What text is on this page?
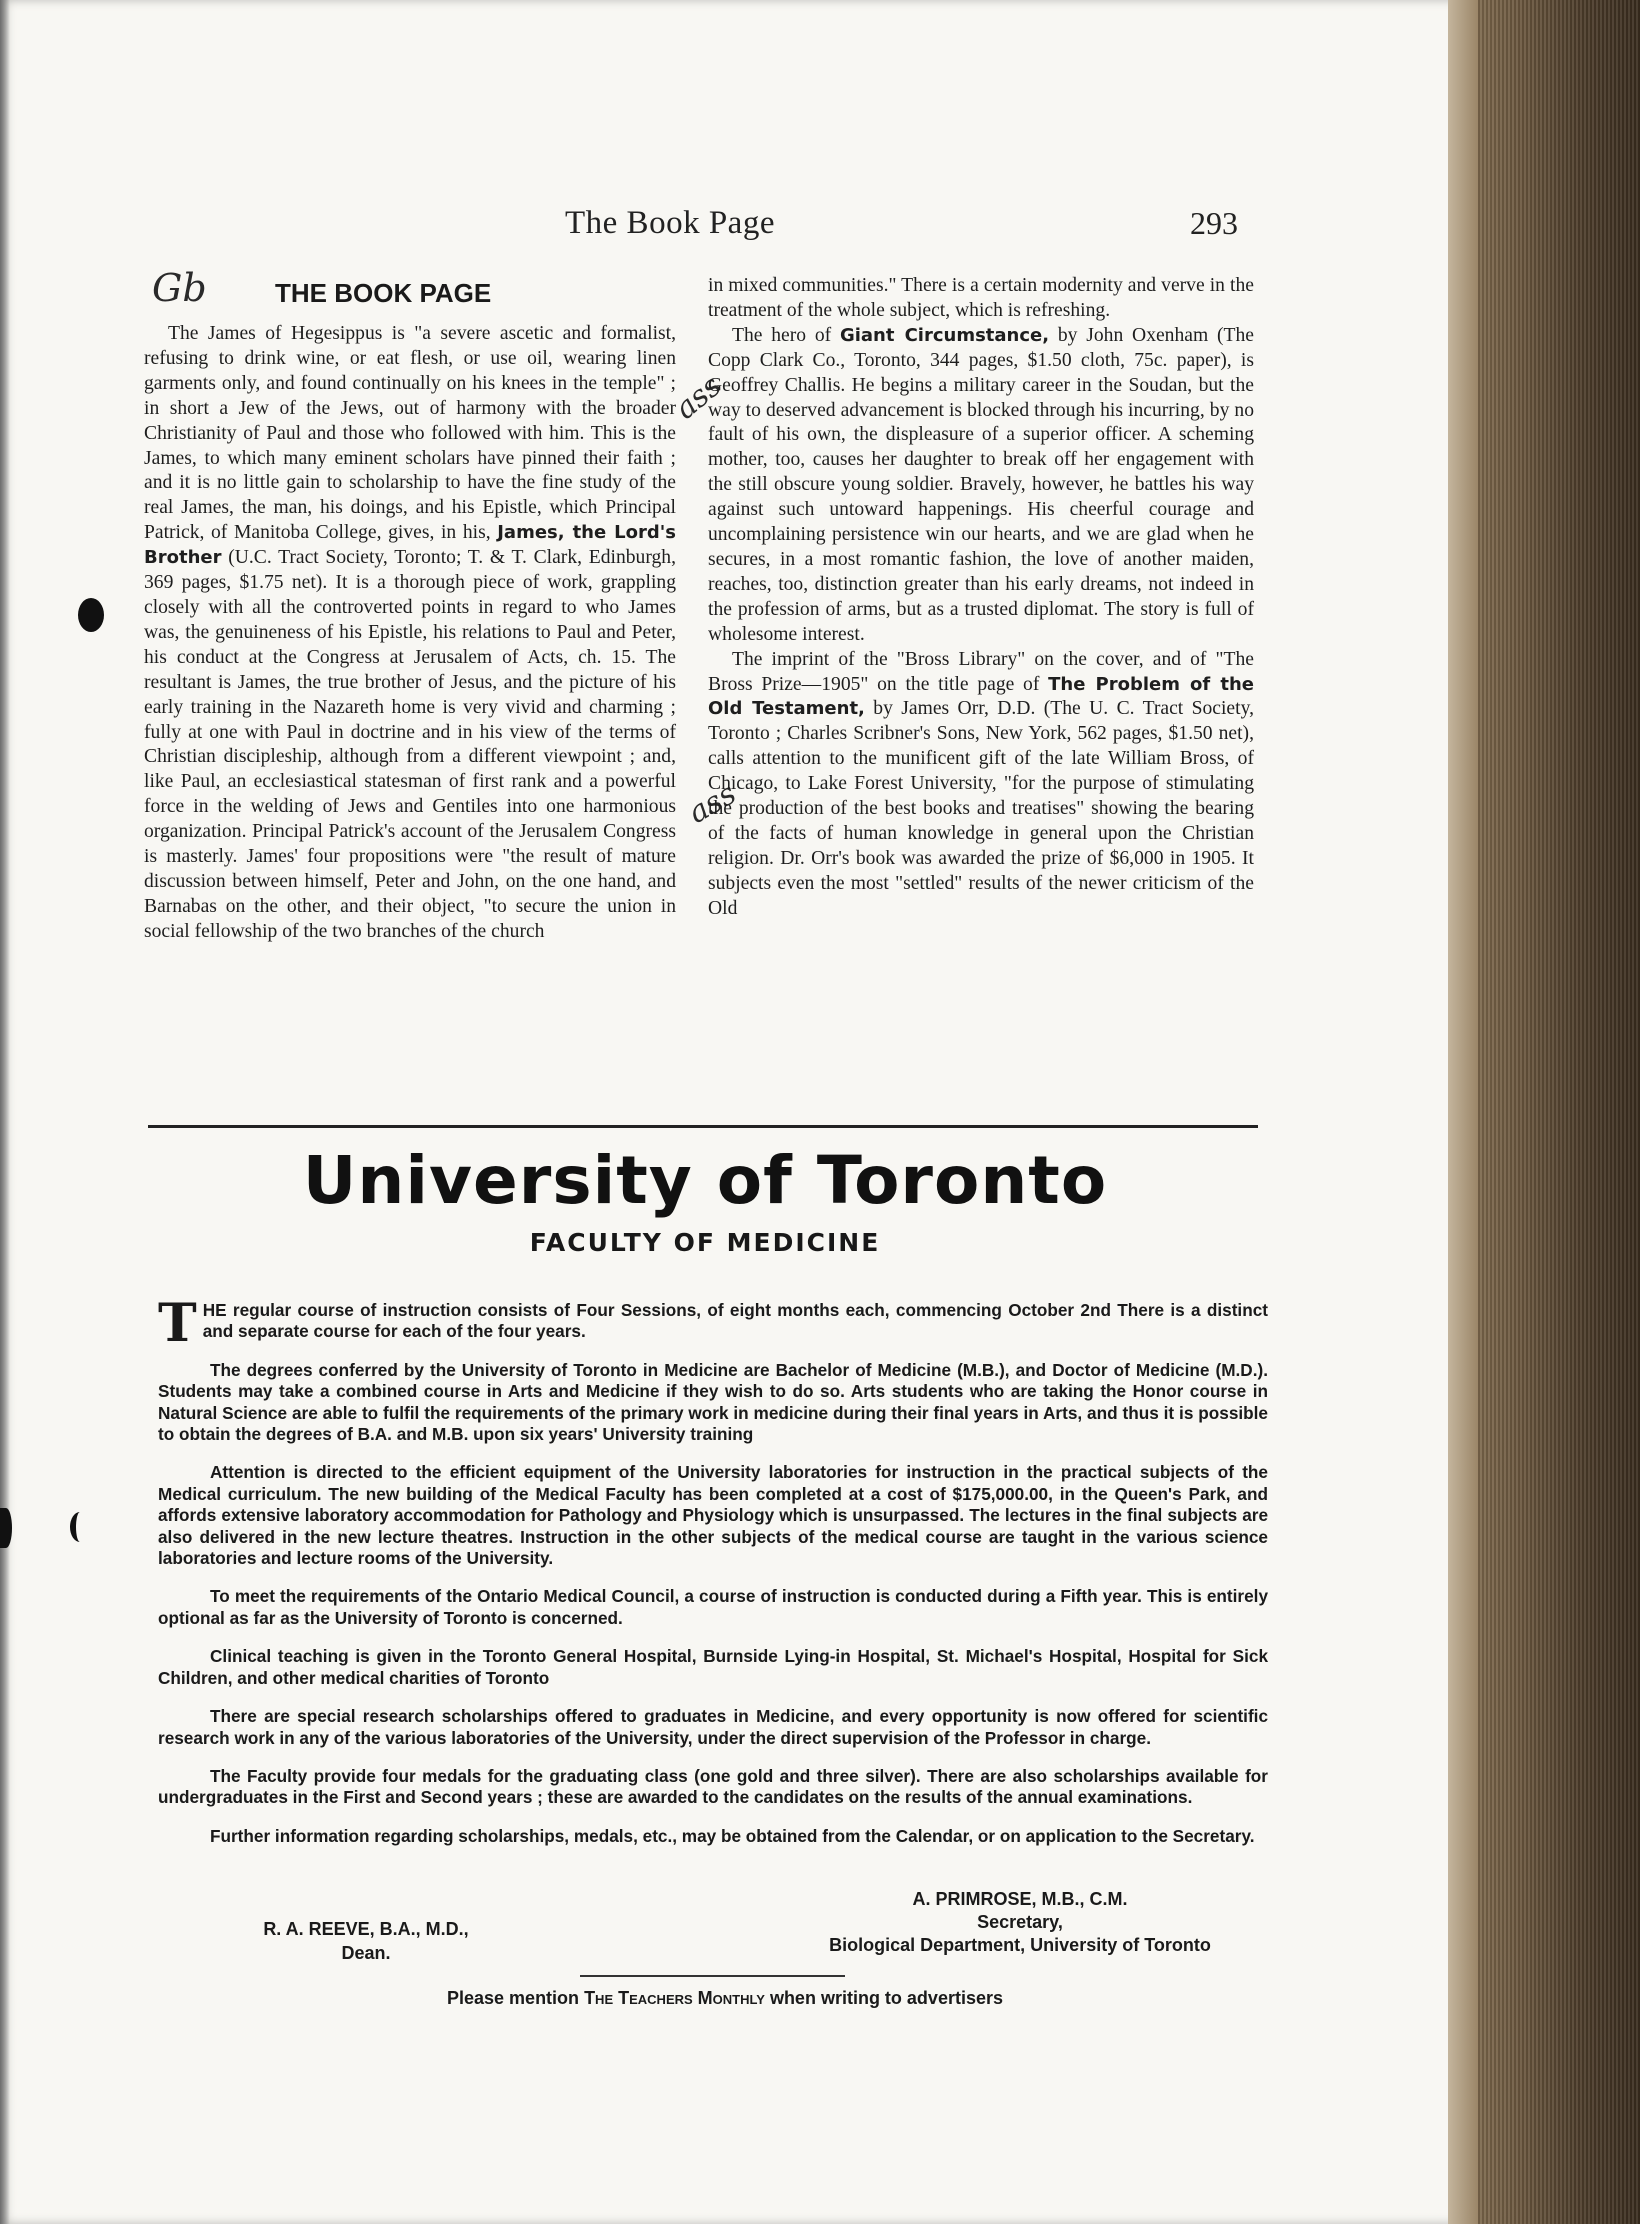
The Book Page	293
Gb
ass
ass
THE BOOK PAGE

The James of Hegesippus is "a severe ascetic and formalist, refusing to drink wine, or eat flesh, or use oil, wearing linen garments only, and found continually on his knees in the temple" ; in short a Jew of the Jews, out of harmony with the broader Christianity of Paul and those who followed with him. This is the James, to which many eminent scholars have pinned their faith ; and it is no little gain to scholarship to have the fine study of the real James, the man, his doings, and his Epistle, which Principal Patrick, of Manitoba College, gives, in his, James, the Lord's Brother (U.C. Tract Society, Toronto; T. & T. Clark, Edinburgh, 369 pages, $1.75 net). It is a thorough piece of work, grappling closely with all the controverted points in regard to who James was, the genuineness of his Epistle, his relations to Paul and Peter, his conduct at the Congress at Jerusalem of Acts, ch. 15. The resultant is James, the true brother of Jesus, and the picture of his early training in the Nazareth home is very vivid and charming ; fully at one with Paul in doctrine and in his view of the terms of Christian discipleship, although from a different viewpoint ; and, like Paul, an ecclesiastical statesman of first rank and a powerful force in the welding of Jews and Gentiles into one harmonious organization. Principal Patrick's account of the Jerusalem Congress is masterly. James' four propositions were "the result of mature discussion between himself, Peter and John, on the one hand, and Barnabas on the other, and their object, "to secure the union in social fellowship of the two branches of the church

in mixed communities." There is a certain modernity and verve in the treatment of the whole subject, which is refreshing.

The hero of Giant Circumstance, by John Oxenham (The Copp Clark Co., Toronto, 344 pages, $1.50 cloth, 75c. paper), is Geoffrey Challis. He begins a military career in the Soudan, but the way to deserved advancement is blocked through his incurring, by no fault of his own, the displeasure of a superior officer. A scheming mother, too, causes her daughter to break off her engagement with the still obscure young soldier. Bravely, however, he battles his way against such untoward happenings. His cheerful courage and uncomplaining persistence win our hearts, and we are glad when he secures, in a most romantic fashion, the love of another maiden, reaches, too, distinction greater than his early dreams, not indeed in the profession of arms, but as a trusted diplomat. The story is full of wholesome interest.

The imprint of the "Bross Library" on the cover, and of "The Bross Prize—1905" on the title page of The Problem of the Old Testament, by James Orr, D.D. (The U. C. Tract Society, Toronto ; Charles Scribner's Sons, New York, 562 pages, $1.50 net), calls attention to the munificent gift of the late William Bross, of Chicago, to Lake Forest University, "for the purpose of stimulating the production of the best books and treatises" showing the bearing of the facts of human knowledge in general upon the Christian religion. Dr. Orr's book was awarded the prize of $6,000 in 1905. It subjects even the most "settled" results of the newer criticism of the Old

University of Toronto
FACULTY OF MEDICINE

THE regular course of instruction consists of Four Sessions, of eight months each, commencing October 2nd There is a distinct and separate course for each of the four years.

The degrees conferred by the University of Toronto in Medicine are Bachelor of Medicine (M.B.), and Doctor of Medicine (M.D.). Students may take a combined course in Arts and Medicine if they wish to do so. Arts students who are taking the Honor course in Natural Science are able to fulfil the requirements of the primary work in medicine during their final years in Arts, and thus it is possible to obtain the degrees of B.A. and M.B. upon six years' University training

Attention is directed to the efficient equipment of the University laboratories for instruction in the practical subjects of the Medical curriculum. The new building of the Medical Faculty has been completed at a cost of $175,000.00, in the Queen's Park, and affords extensive laboratory accommodation for Pathology and Physiology which is unsurpassed. The lectures in the final subjects are also delivered in the new lecture theatres. Instruction in the other subjects of the medical course are taught in the various science laboratories and lecture rooms of the University.

To meet the requirements of the Ontario Medical Council, a course of instruction is conducted during a Fifth year. This is entirely optional as far as the University of Toronto is concerned.

Clinical teaching is given in the Toronto General Hospital, Burnside Lying-in Hospital, St. Michael's Hospital, Hospital for Sick Children, and other medical charities of Toronto

There are special research scholarships offered to graduates in Medicine, and every opportunity is now offered for scientific research work in any of the various laboratories of the University, under the direct supervision of the Professor in charge.

The Faculty provide four medals for the graduating class (one gold and three silver). There are also scholarships available for undergraduates in the First and Second years ; these are awarded to the candidates on the results of the annual examinations.

Further information regarding scholarships, medals, etc., may be obtained from the Calendar, or on application to the Secretary.

R. A. REEVE, B.A., M.D.,
Dean.
A. PRIMROSE, M.B., C.M.
Secretary,
Biological Department, University of Toronto
Please mention The Teachers Monthly when writing to advertisers
